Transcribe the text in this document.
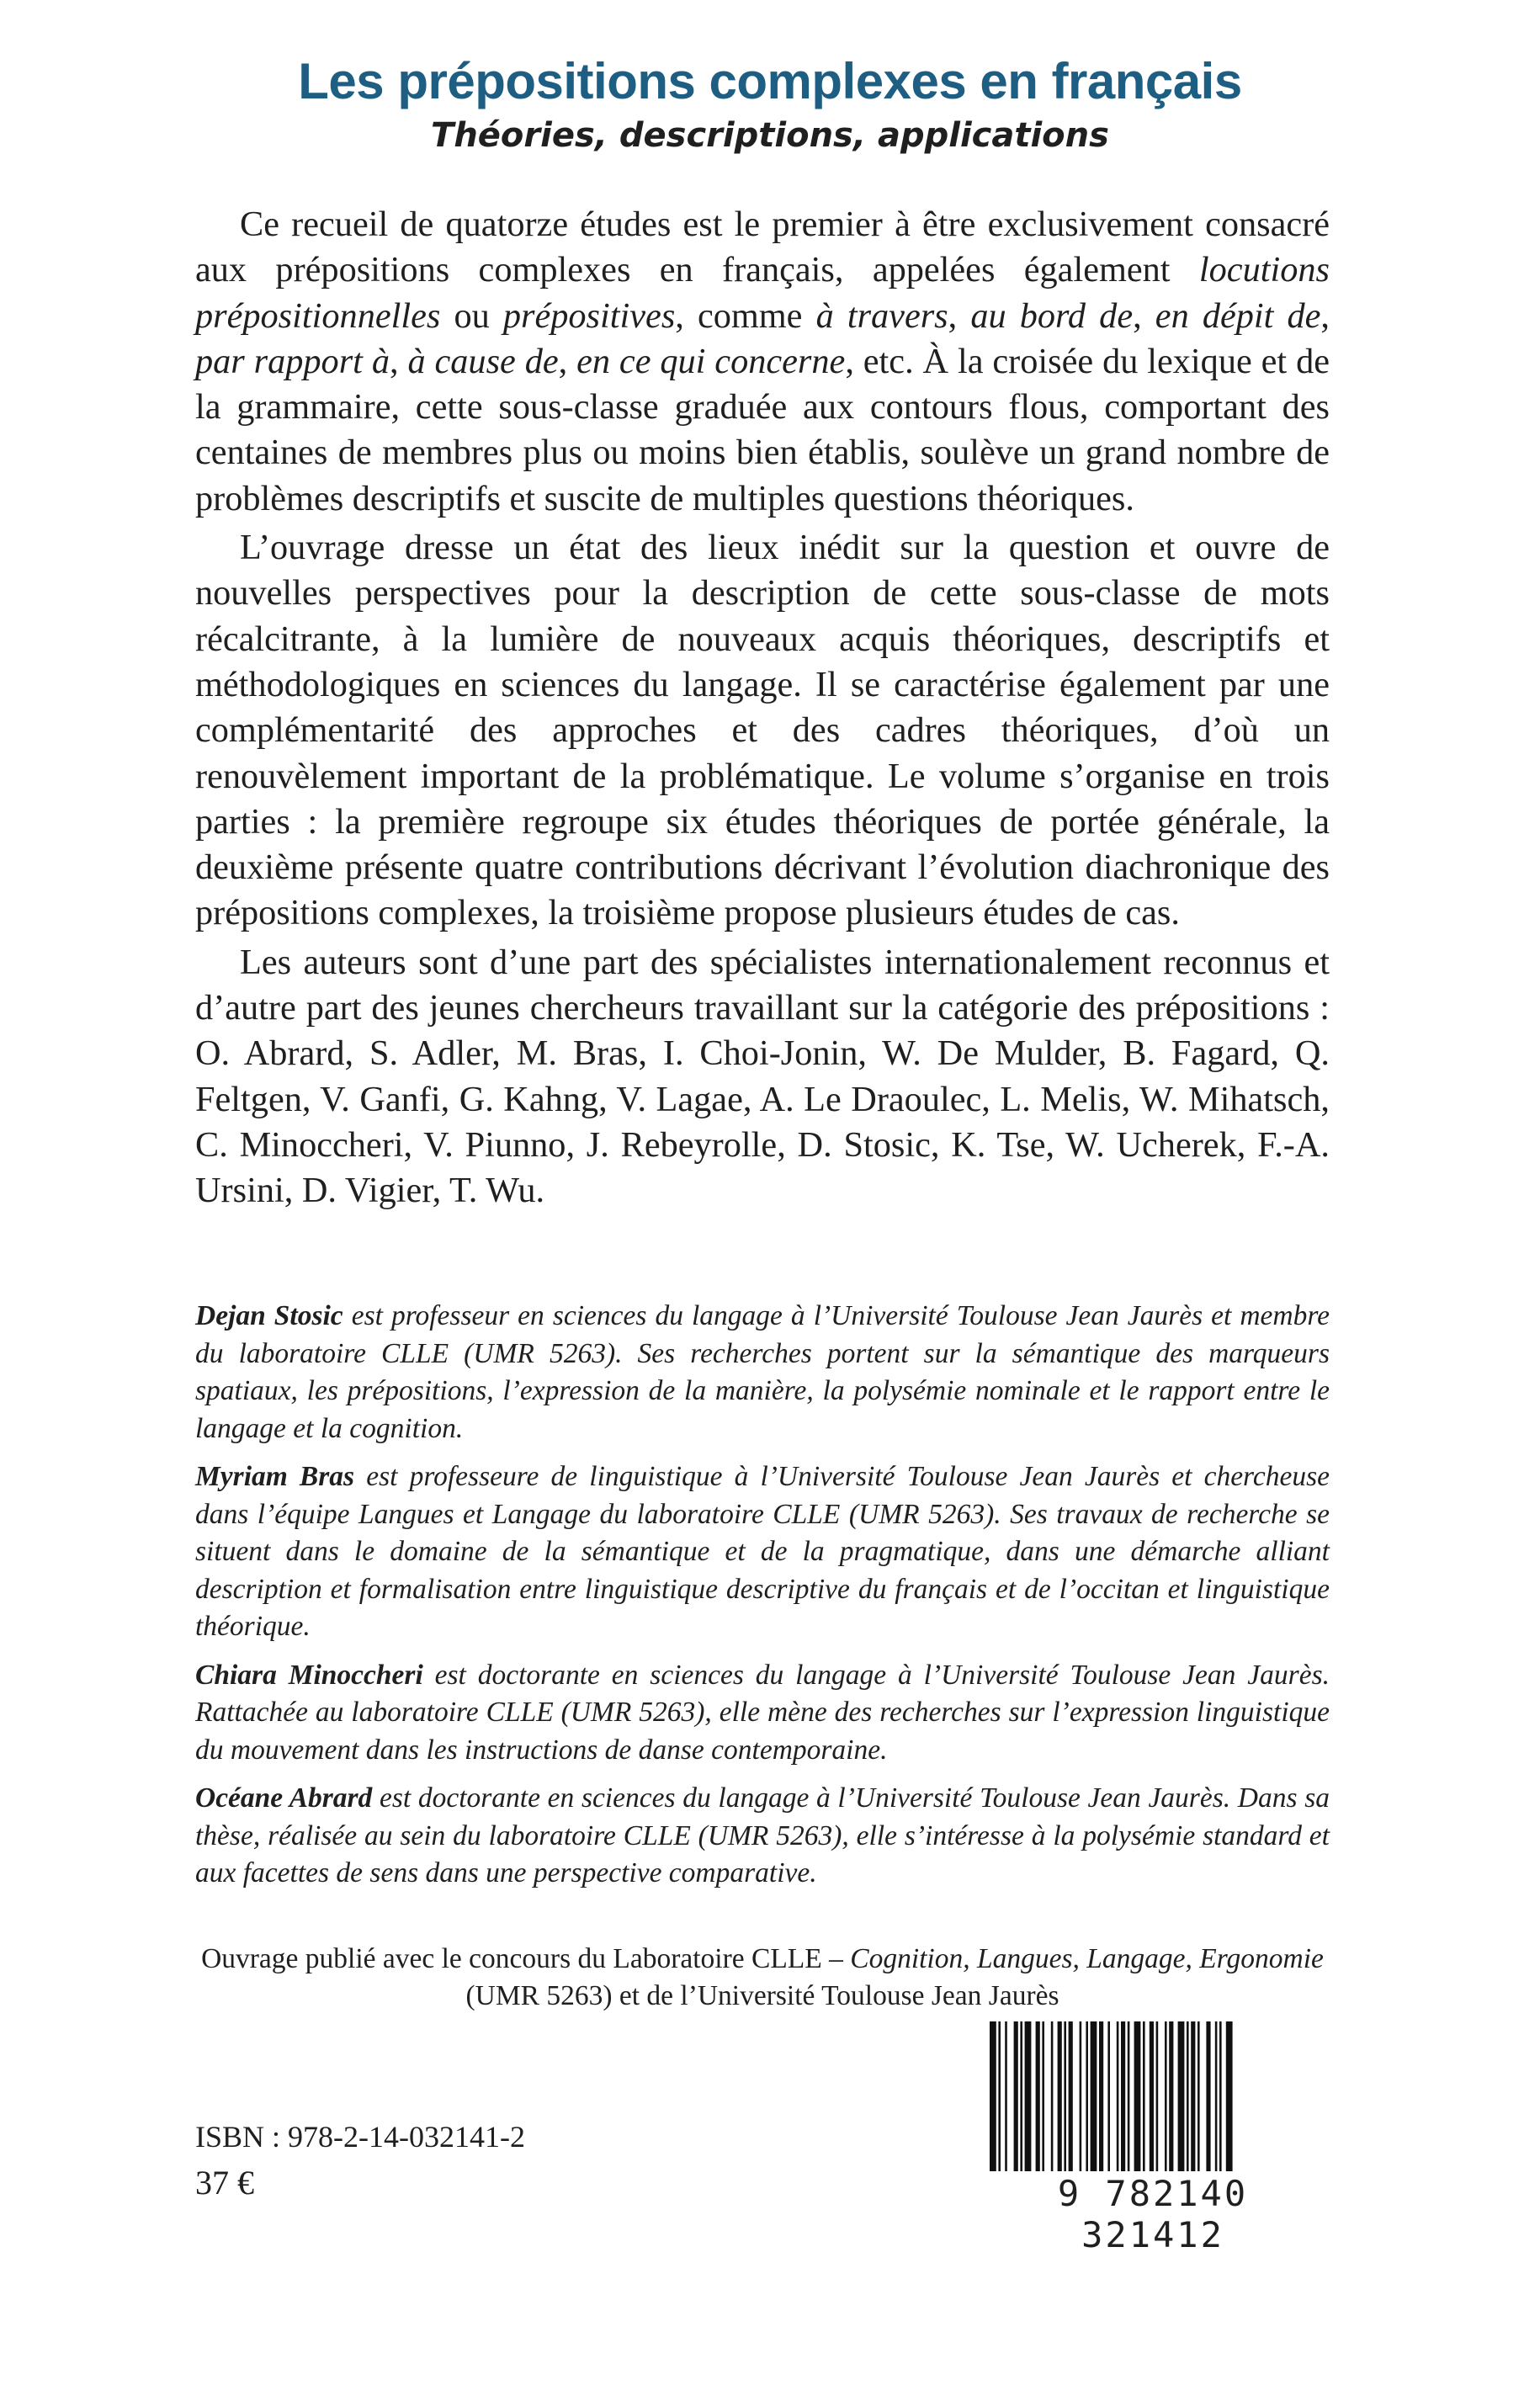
Les prépositions complexes en français
Théories, descriptions, applications

Ce recueil de quatorze études est le premier à être exclusivement consacré aux prépositions complexes en français, appelées également locutions prépositionnelles ou prépositives, comme à travers, au bord de, en dépit de, par rapport à, à cause de, en ce qui concerne, etc. À la croisée du lexique et de la grammaire, cette sous-classe graduée aux contours flous, comportant des centaines de membres plus ou moins bien établis, soulève un grand nombre de problèmes descriptifs et suscite de multiples questions théoriques.

L’ouvrage dresse un état des lieux inédit sur la question et ouvre de nouvelles perspectives pour la description de cette sous-classe de mots récalcitrante, à la lumière de nouveaux acquis théoriques, descriptifs et méthodologiques en sciences du langage. Il se caractérise également par une complémentarité des approches et des cadres théoriques, d’où un renouvèlement important de la problématique. Le volume s’organise en trois parties : la première regroupe six études théoriques de portée générale, la deuxième présente quatre contributions décrivant l’évolution diachronique des prépositions complexes, la troisième propose plusieurs études de cas.

Les auteurs sont d’une part des spécialistes internationalement reconnus et d’autre part des jeunes chercheurs travaillant sur la catégorie des prépositions : O. Abrard, S. Adler, M. Bras, I. Choi-Jonin, W. De Mulder, B. Fagard, Q. Feltgen, V. Ganfi, G. Kahng, V. Lagae, A. Le Draoulec, L. Melis, W. Mihatsch, C. Minoccheri, V. Piunno, J. Rebeyrolle, D. Stosic, K. Tse, W. Ucherek, F.-A. Ursini, D. Vigier, T. Wu.

Dejan Stosic est professeur en sciences du langage à l’Université Toulouse Jean Jaurès et membre du laboratoire CLLE (UMR 5263). Ses recherches portent sur la sémantique des marqueurs spatiaux, les prépositions, l’expression de la manière, la polysémie nominale et le rapport entre le langage et la cognition.

Myriam Bras est professeure de linguistique à l’Université Toulouse Jean Jaurès et chercheuse dans l’équipe Langues et Langage du laboratoire CLLE (UMR 5263). Ses travaux de recherche se situent dans le domaine de la sémantique et de la pragmatique, dans une démarche alliant description et formalisation entre linguistique descriptive du français et de l’occitan et linguistique théorique.

Chiara Minoccheri est doctorante en sciences du langage à l’Université Toulouse Jean Jaurès. Rattachée au laboratoire CLLE (UMR 5263), elle mène des recherches sur l’expression linguistique du mouvement dans les instructions de danse contemporaine.

Océane Abrard est doctorante en sciences du langage à l’Université Toulouse Jean Jaurès. Dans sa thèse, réalisée au sein du laboratoire CLLE (UMR 5263), elle s’intéresse à la polysémie standard et aux facettes de sens dans une perspective comparative.

Ouvrage publié avec le concours du Laboratoire CLLE – Cognition, Langues, Langage, Ergonomie (UMR 5263) et de l’Université Toulouse Jean Jaurès
9 782140 321412
ISBN : 978-2-14-032141-2
37 €
